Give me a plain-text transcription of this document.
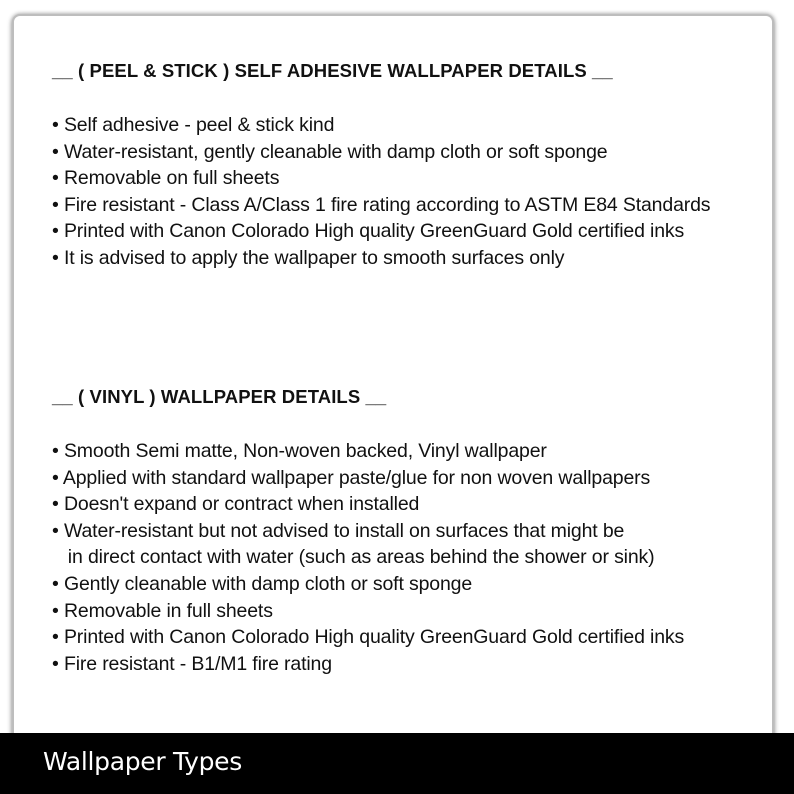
__ ( PEEL & STICK ) SELF ADHESIVE WALLPAPER DETAILS __
• Self adhesive - peel & stick kind
• Water-resistant, gently cleanable with damp cloth or soft sponge
• Removable on full sheets
• Fire resistant - Class A/Class 1 fire rating according to ASTM E84 Standards
• Printed with Canon Colorado High quality GreenGuard Gold certified inks
• It is advised to apply the wallpaper to smooth surfaces only
__ ( VINYL ) WALLPAPER DETAILS __
• Smooth Semi matte, Non-woven backed, Vinyl wallpaper
• Applied with standard wallpaper paste/glue for non woven wallpapers
• Doesn't expand or contract when installed
• Water-resistant but not advised to install on surfaces that might be
in direct contact with water (such as areas behind the shower or sink)
• Gently cleanable with damp cloth or soft sponge
• Removable in full sheets
• Printed with Canon Colorado High quality GreenGuard Gold certified inks
• Fire resistant - B1/M1 fire rating
Wallpaper Types
